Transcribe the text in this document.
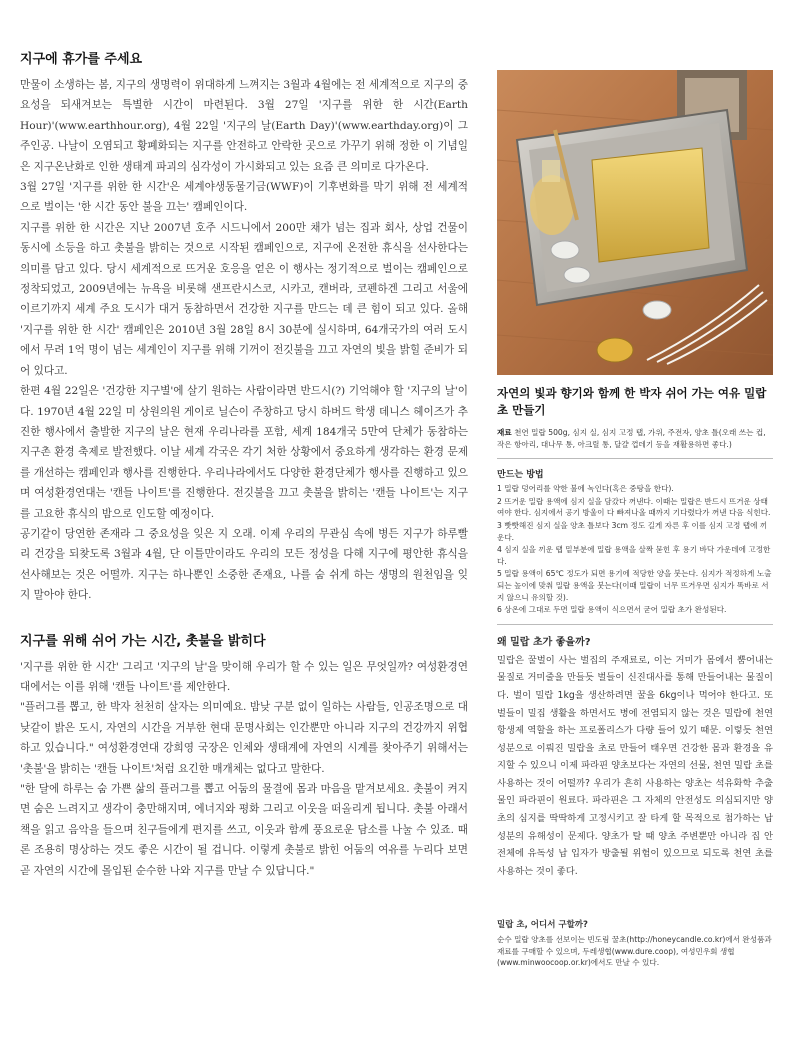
지구에 휴가를 주세요

만물이 소생하는 봄, 지구의 생명력이 위대하게 느껴지는 3월과 4월에는 전 세계적으로 지구의 중요성을 되새겨보는 특별한 시간이 마련된다. 3월 27일 '지구를 위한 한 시간(Earth Hour)'(www.earthhour.org), 4월 22일 '지구의 날(Earth Day)'(www.earthday.org)이 그 주인공. 나날이 오염되고 황폐화되는 지구를 안전하고 안락한 곳으로 가꾸기 위해 정한 이 기념일은 지구온난화로 인한 생태계 파괴의 심각성이 가시화되고 있는 요즘 큰 의미로 다가온다.

3월 27일 '지구를 위한 한 시간'은 세계야생동물기금(WWF)이 기후변화를 막기 위해 전 세계적으로 벌이는 '한 시간 동안 불을 끄는' 캠페인이다.

지구를 위한 한 시간은 지난 2007년 호주 시드니에서 200만 채가 넘는 집과 회사, 상업 건물이 동시에 소등을 하고 촛불을 밝히는 것으로 시작된 캠페인으로, 지구에 온전한 휴식을 선사한다는 의미를 담고 있다. 당시 세계적으로 뜨거운 호응을 얻은 이 행사는 정기적으로 벌이는 캠페인으로 정착되었고, 2009년에는 뉴욕을 비롯해 샌프란시스코, 시카고, 캔버라, 코펜하겐 그리고 서울에 이르기까지 세계 주요 도시가 대거 동참하면서 건강한 지구를 만드는 데 큰 힘이 되고 있다. 올해 '지구를 위한 한 시간' 캠페인은 2010년 3월 28일 8시 30분에 실시하며, 64개국가의 여러 도시에서 무려 1억 명이 넘는 세계인이 지구를 위해 기꺼이 전깃불을 끄고 자연의 빛을 밝힐 준비가 되어 있다고.

한편 4월 22일은 '건강한 지구별'에 살기 원하는 사람이라면 반드시(?) 기억해야 할 '지구의 날'이다. 1970년 4월 22일 미 상원의원 게이로 닐슨이 주창하고 당시 하버드 학생 데니스 헤이즈가 추진한 행사에서 출발한 지구의 날은 현재 우리나라를 포함, 세계 184개국 5만여 단체가 동참하는 지구촌 환경 축제로 발전했다. 이날 세계 각국은 각기 처한 상황에서 중요하게 생각하는 환경 문제를 개선하는 캠페인과 행사를 진행한다. 우리나라에서도 다양한 환경단체가 행사를 진행하고 있으며 여성환경연대는 '캔들 나이트'를 진행한다. 전깃불을 끄고 촛불을 밝히는 '캔들 나이트'는 지구를 고요한 휴식의 밤으로 인도할 예정이다.

공기같이 당연한 존재라 그 중요성을 잊은 지 오래. 이제 우리의 무관심 속에 병든 지구가 하루빨리 건강을 되찾도록 3월과 4월, 단 이틀만이라도 우리의 모든 정성을 다해 지구에 평안한 휴식을 선사해보는 것은 어떨까. 지구는 하나뿐인 소중한 존재요, 나를 숨 쉬게 하는 생명의 원천임을 잊지 말아야 한다.

지구를 위해 쉬어 가는 시간, 촛불을 밝히다

'지구를 위한 한 시간' 그리고 '지구의 날'을 맞이해 우리가 할 수 있는 일은 무엇일까? 여성환경연대에서는 이를 위해 '캔들 나이트'를 제안한다.

"플러그를 뽑고, 한 박자 천천히 살자는 의미예요. 밤낮 구분 없이 일하는 사람들, 인공조명으로 대낮같이 밝은 도시, 자연의 시간을 거부한 현대 문명사회는 인간뿐만 아니라 지구의 건강까지 위협하고 있습니다." 여성환경연대 강희영 국장은 인체와 생태계에 자연의 시계를 찾아주기 위해서는 '촛불'을 밝히는 '캔들 나이트'처럼 요긴한 매개체는 없다고 말한다.

"한 달에 하루는 숨 가쁜 삶의 플러그를 뽑고 어둠의 물결에 몸과 마음을 맡겨보세요. 촛불이 켜지면 숨은 느려지고 생각이 충만해지며, 에너지와 평화 그리고 이웃을 떠올리게 됩니다. 촛불 아래서 책을 읽고 음악을 들으며 친구들에게 편지를 쓰고, 이웃과 함께 풍요로운 담소를 나눌 수 있죠. 때론 조용히 명상하는 것도 좋은 시간이 될 겁니다. 이렇게 촛불로 밝힌 어둠의 여유를 누리다 보면 곧 자연의 시간에 몰입된 순수한 나와 지구를 만날 수 있답니다."

자연의 빛과 향기와 함께 한 박자 쉬어 가는 여유 밀랍 초 만들기
재료 천연 밀랍 500g, 심지 실, 심지 고정 탭, 가위, 주전자, 양초 틀(오래 쓰는 컵, 작은 항아리, 대나무 통, 아크릴 통, 달걀 껍데기 등을 재활용하면 좋다.)
만드는 방법
1 밀랍 덩어리를 약한 불에 녹인다(혹은 중탕을 한다).
2 뜨거운 밀랍 용액에 심지 실을 담갔다 꺼낸다. 이때는 밀랍은 반드시 뜨거운 상태여야 한다. 심지에서 공기 방울이 다 빠져나올 때까지 기다렸다가 꺼낸 다음 식힌다.
3 빳빳해진 심지 실을 양초 틀보다 3cm 정도 길게 자른 후 이를 심지 고정 탭에 끼운다.
4 심지 실을 끼운 탭 밑부분에 밀랍 용액을 살짝 묻힌 후 용기 바닥 가운데에 고정한다.
5 밀랍 용액이 65℃ 정도가 되면 용기에 적당한 양을 붓는다. 심지가 적정하게 노출되는 높이에 맞춰 밀랍 용액을 붓는다(이때 밀랍이 너무 뜨거우면 심지가 똑바로 서지 않으니 유의할 것).
6 상온에 그대로 두면 밀랍 용액이 식으면서 굳어 밀랍 초가 완성된다.
왜 밀랍 초가 좋을까?

밀랍은 꿀벌이 사는 벌집의 주재료로, 이는 거미가 몸에서 뿜어내는 물질로 거미줄을 만들듯 벌들이 신진대사를 통해 만들어내는 물질이다. 벌이 밀랍 1kg을 생산하려면 꿀을 6kg이나 먹어야 한다고. 또 벌들이 밀집 생활을 하면서도 병에 전염되지 않는 것은 밀랍에 천연 항생제 역할을 하는 프로폴리스가 다량 들어 있기 때문. 이렇듯 천연 성분으로 이뤄진 밀랍을 초로 만들어 태우면 건강한 몸과 환경을 유지할 수 있으니 이제 파라핀 양초보다는 자연의 선물, 천연 밀랍 초를 사용하는 것이 어떨까? 우리가 흔히 사용하는 양초는 석유화학 추출물인 파라핀이 원료다. 파라핀은 그 자체의 안전성도 의심되지만 양초의 심지를 딱딱하게 고정시키고 잘 타게 할 목적으로 첨가하는 납 성분의 유해성이 문제다. 양초가 탈 때 양초 주변뿐만 아니라 집 안 전체에 유독성 납 입자가 방출될 위험이 있으므로 되도록 천연 초를 사용하는 것이 좋다.

밀랍 초, 어디서 구할까?
순수 밀랍 양초를 선보이는 빈도림 꿀초(http://honeycandle.co.kr)에서 완성품과 재료를 구매할 수 있으며, 두레생협(www.dure.coop), 여성민우회 생협(www.minwoocoop.or.kr)에서도 만날 수 있다.
